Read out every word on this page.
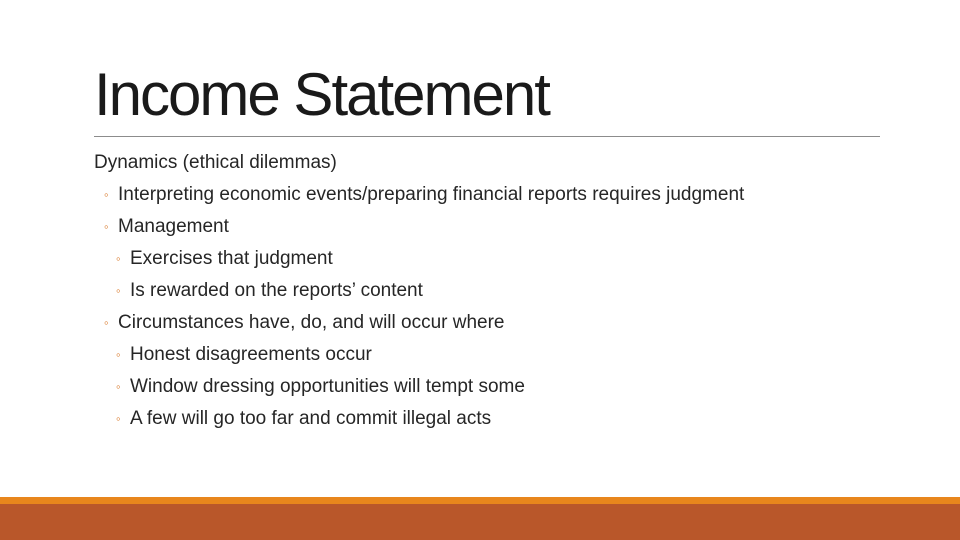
Income Statement
Dynamics (ethical dilemmas)
◦ Interpreting economic events/preparing financial reports requires judgment
◦ Management
◦ Exercises that judgment
◦ Is rewarded on the reports’ content
◦ Circumstances have, do, and will occur where
◦ Honest disagreements occur
◦ Window dressing opportunities will tempt some
◦ A few will go too far and commit illegal acts
